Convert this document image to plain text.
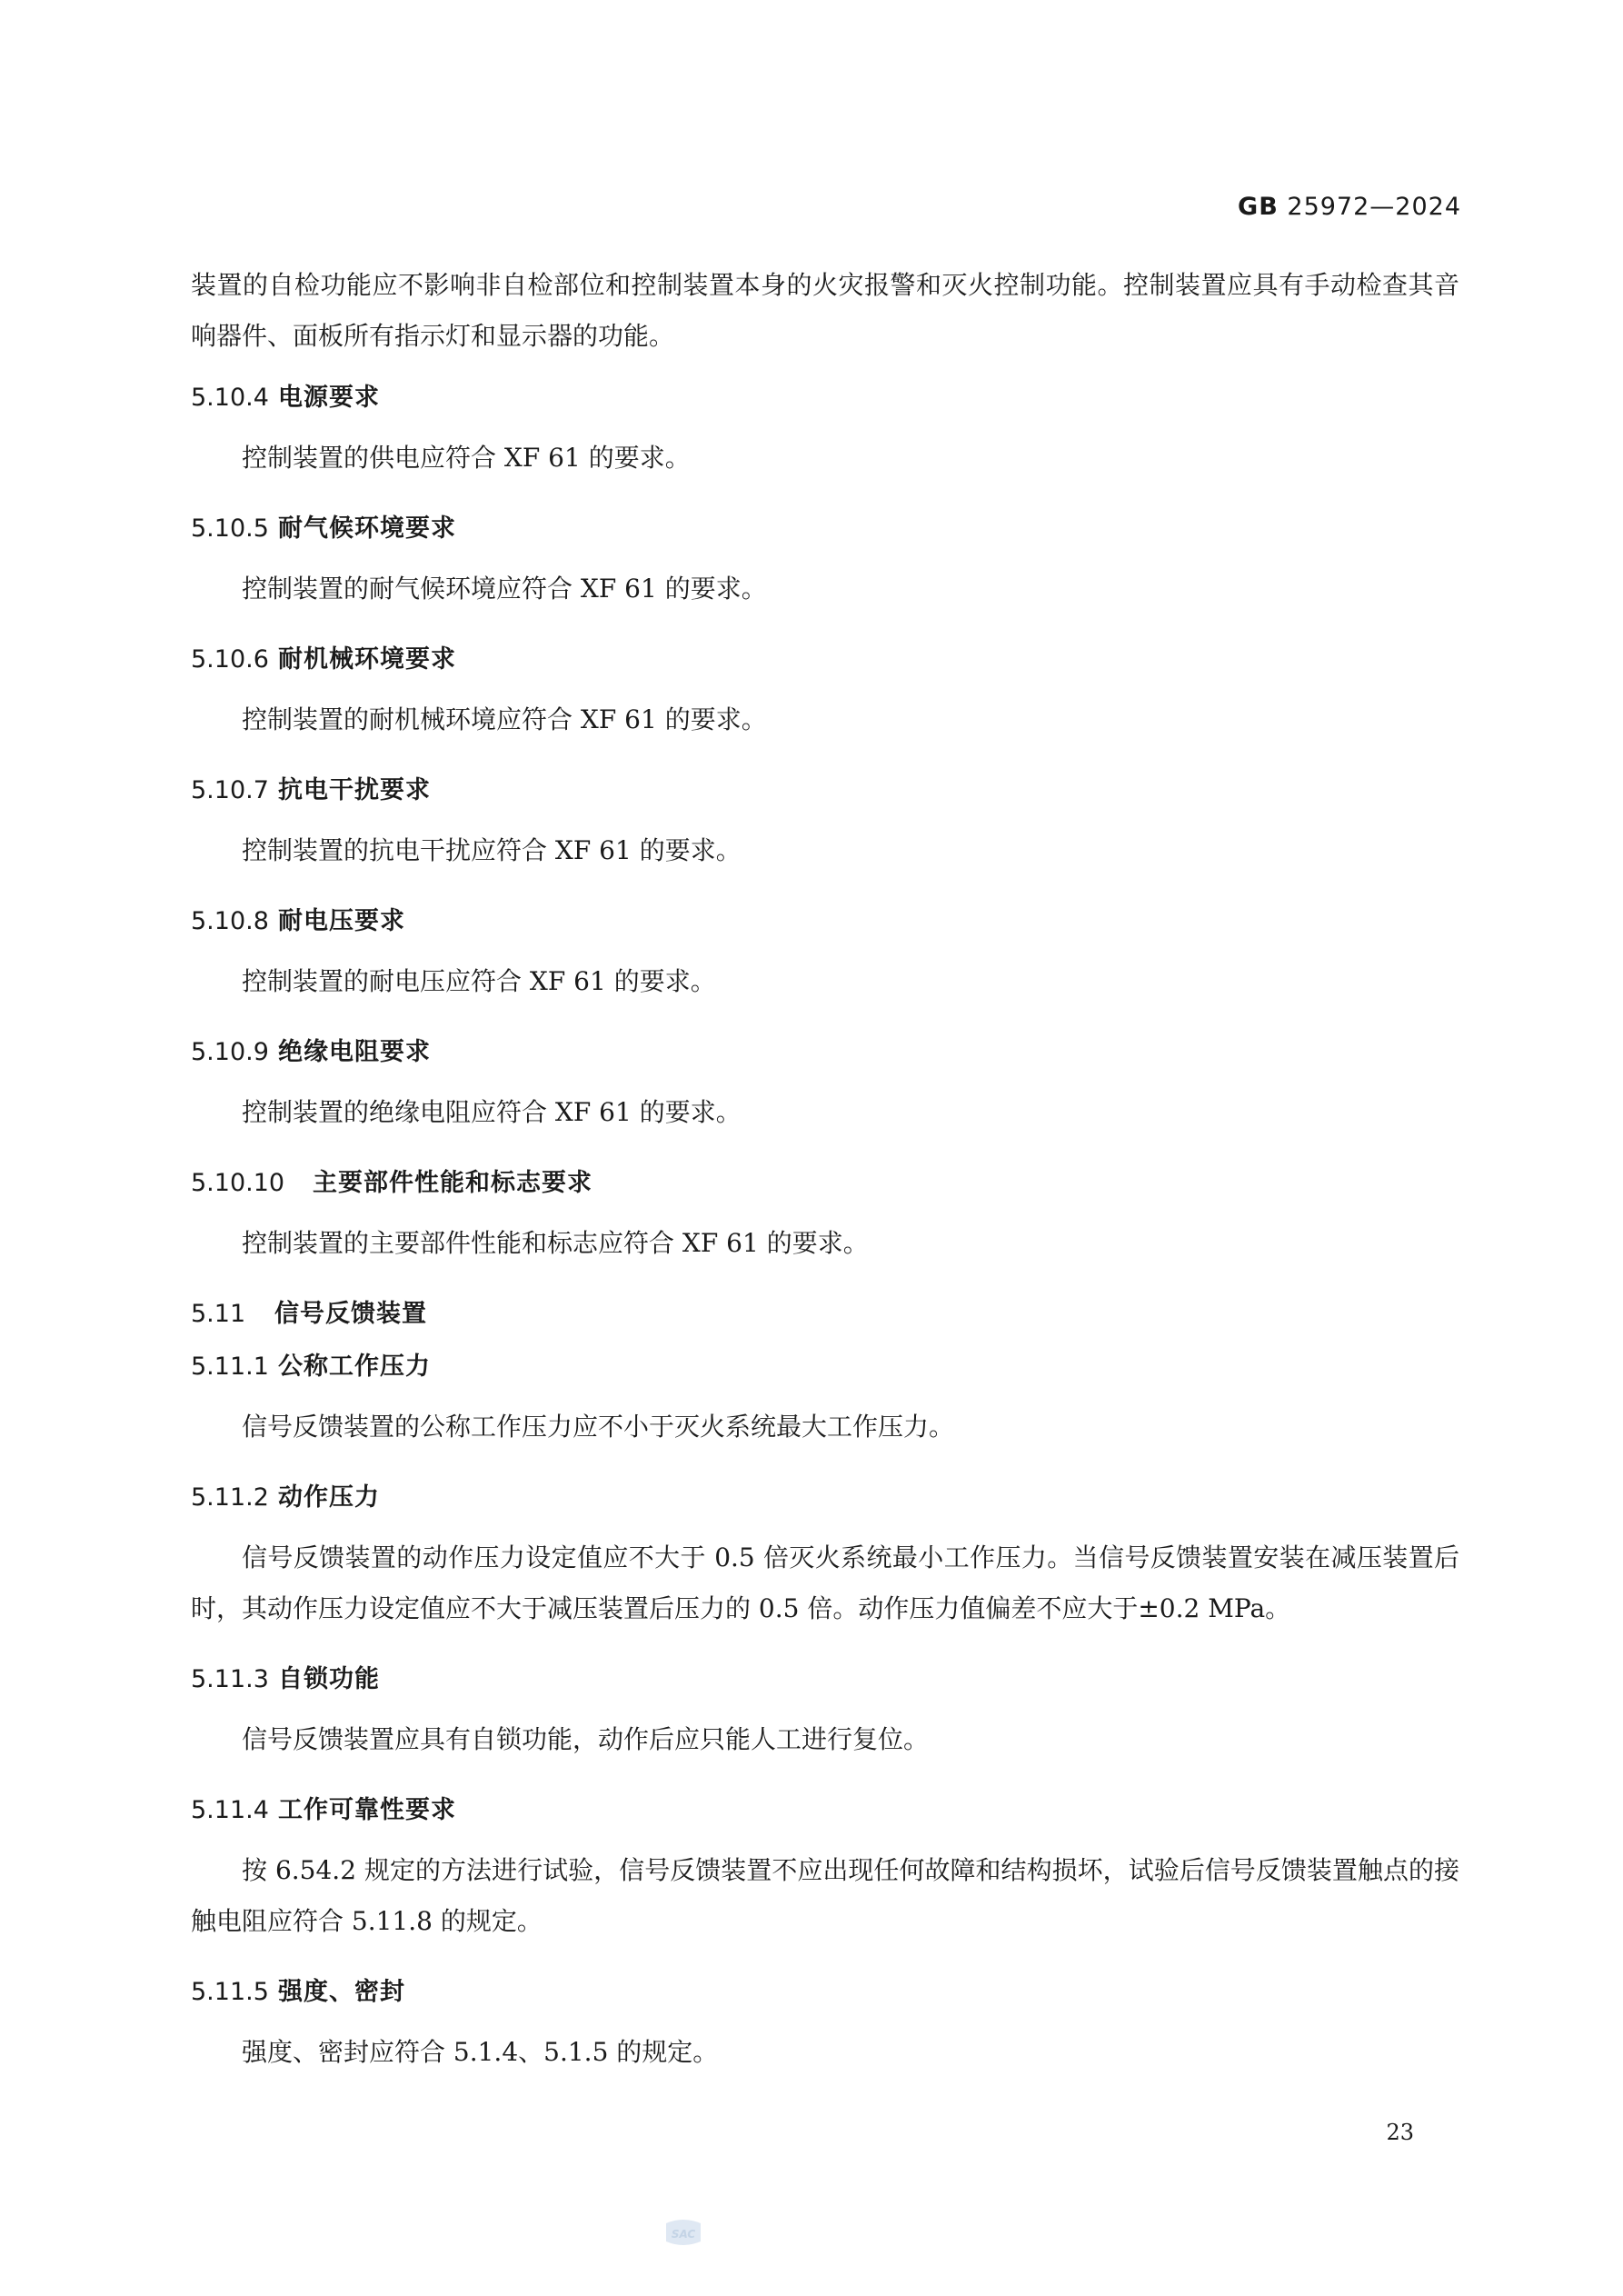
GB 25972—2024

装置的自检功能应不影响非自检部位和控制装置本身的火灾报警和灭火控制功能。控制装置应具有手动检查其音响器件、面板所有指示灯和显示器的功能。

5.10.4 电源要求

控制装置的供电应符合 XF 61 的要求。

5.10.5 耐气候环境要求

控制装置的耐气候环境应符合 XF 61 的要求。

5.10.6 耐机械环境要求

控制装置的耐机械环境应符合 XF 61 的要求。

5.10.7 抗电干扰要求

控制装置的抗电干扰应符合 XF 61 的要求。

5.10.8 耐电压要求

控制装置的耐电压应符合 XF 61 的要求。

5.10.9 绝缘电阻要求

控制装置的绝缘电阻应符合 XF 61 的要求。

5.10.10 主要部件性能和标志要求

控制装置的主要部件性能和标志应符合 XF 61 的要求。

5.11 信号反馈装置
5.11.1 公称工作压力

信号反馈装置的公称工作压力应不小于灭火系统最大工作压力。

5.11.2 动作压力

信号反馈装置的动作压力设定值应不大于 0.5 倍灭火系统最小工作压力。当信号反馈装置安装在减压装置后时，其动作压力设定值应不大于减压装置后压力的 0.5 倍。动作压力值偏差不应大于±0.2 MPa。

5.11.3 自锁功能

信号反馈装置应具有自锁功能，动作后应只能人工进行复位。

5.11.4 工作可靠性要求

按 6.54.2 规定的方法进行试验，信号反馈装置不应出现任何故障和结构损坏，试验后信号反馈装置触点的接触电阻应符合 5.11.8 的规定。

5.11.5 强度、密封

强度、密封应符合 5.1.4、5.1.5 的规定。

23
SAC
